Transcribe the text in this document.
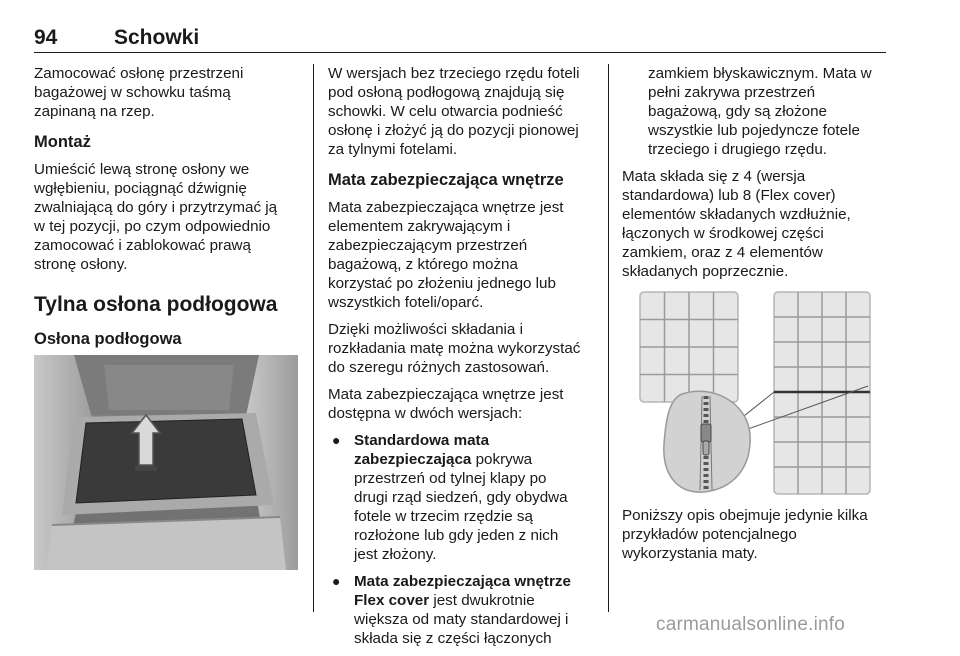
94	Schowki

Zamocować osłonę przestrzeni
bagażowej w schowku taśmą
zapinaną na rzep.

Montaż

Umieścić lewą stronę osłony we
wgłębieniu, pociągnąć dźwignię
zwalniającą do góry i przytrzymać ją
w tej pozycji, po czym odpowiednio
zamocować i zablokować prawą
stronę osłony.

Tylna osłona podłogowa
Osłona podłogowa

W wersjach bez trzeciego rzędu foteli
pod osłoną podłogową znajdują się
schowki. W celu otwarcia podnieść
osłonę i złożyć ją do pozycji pionowej
za tylnymi fotelami.

Mata zabezpieczająca wnętrze

Mata zabezpieczająca wnętrze jest
elementem zakrywającym i
zabezpieczającym przestrzeń
bagażową, z którego można
korzystać po złożeniu jednego lub
wszystkich foteli/oparć.

Dzięki możliwości składania i
rozkładania matę można wykorzystać
do szeregu różnych zastosowań.

Mata zabezpieczająca wnętrze jest
dostępna w dwóch wersjach:

● Standardowa mata
zabezpieczająca pokrywa
przestrzeń od tylnej klapy po
drugi rząd siedzeń, gdy obydwa
fotele w trzecim rzędzie są
rozłożone lub gdy jeden z nich
jest złożony.
● Mata zabezpieczająca wnętrze
Flex cover jest dwukrotnie
większa od maty standardowej i
składa się z części łączonych

zamkiem błyskawicznym. Mata w
pełni zakrywa przestrzeń
bagażową, gdy są złożone
wszystkie lub pojedyncze fotele
trzeciego i drugiego rzędu.

Mata składa się z 4 (wersja
standardowa) lub 8 (Flex cover)
elementów składanych wzdłużnie,
łączonych w środkowej części
zamkiem, oraz z 4 elementów
składanych poprzecznie.

Poniższy opis obejmuje jedynie kilka
przykładów potencjalnego
wykorzystania maty.

carmanualsonline.info
